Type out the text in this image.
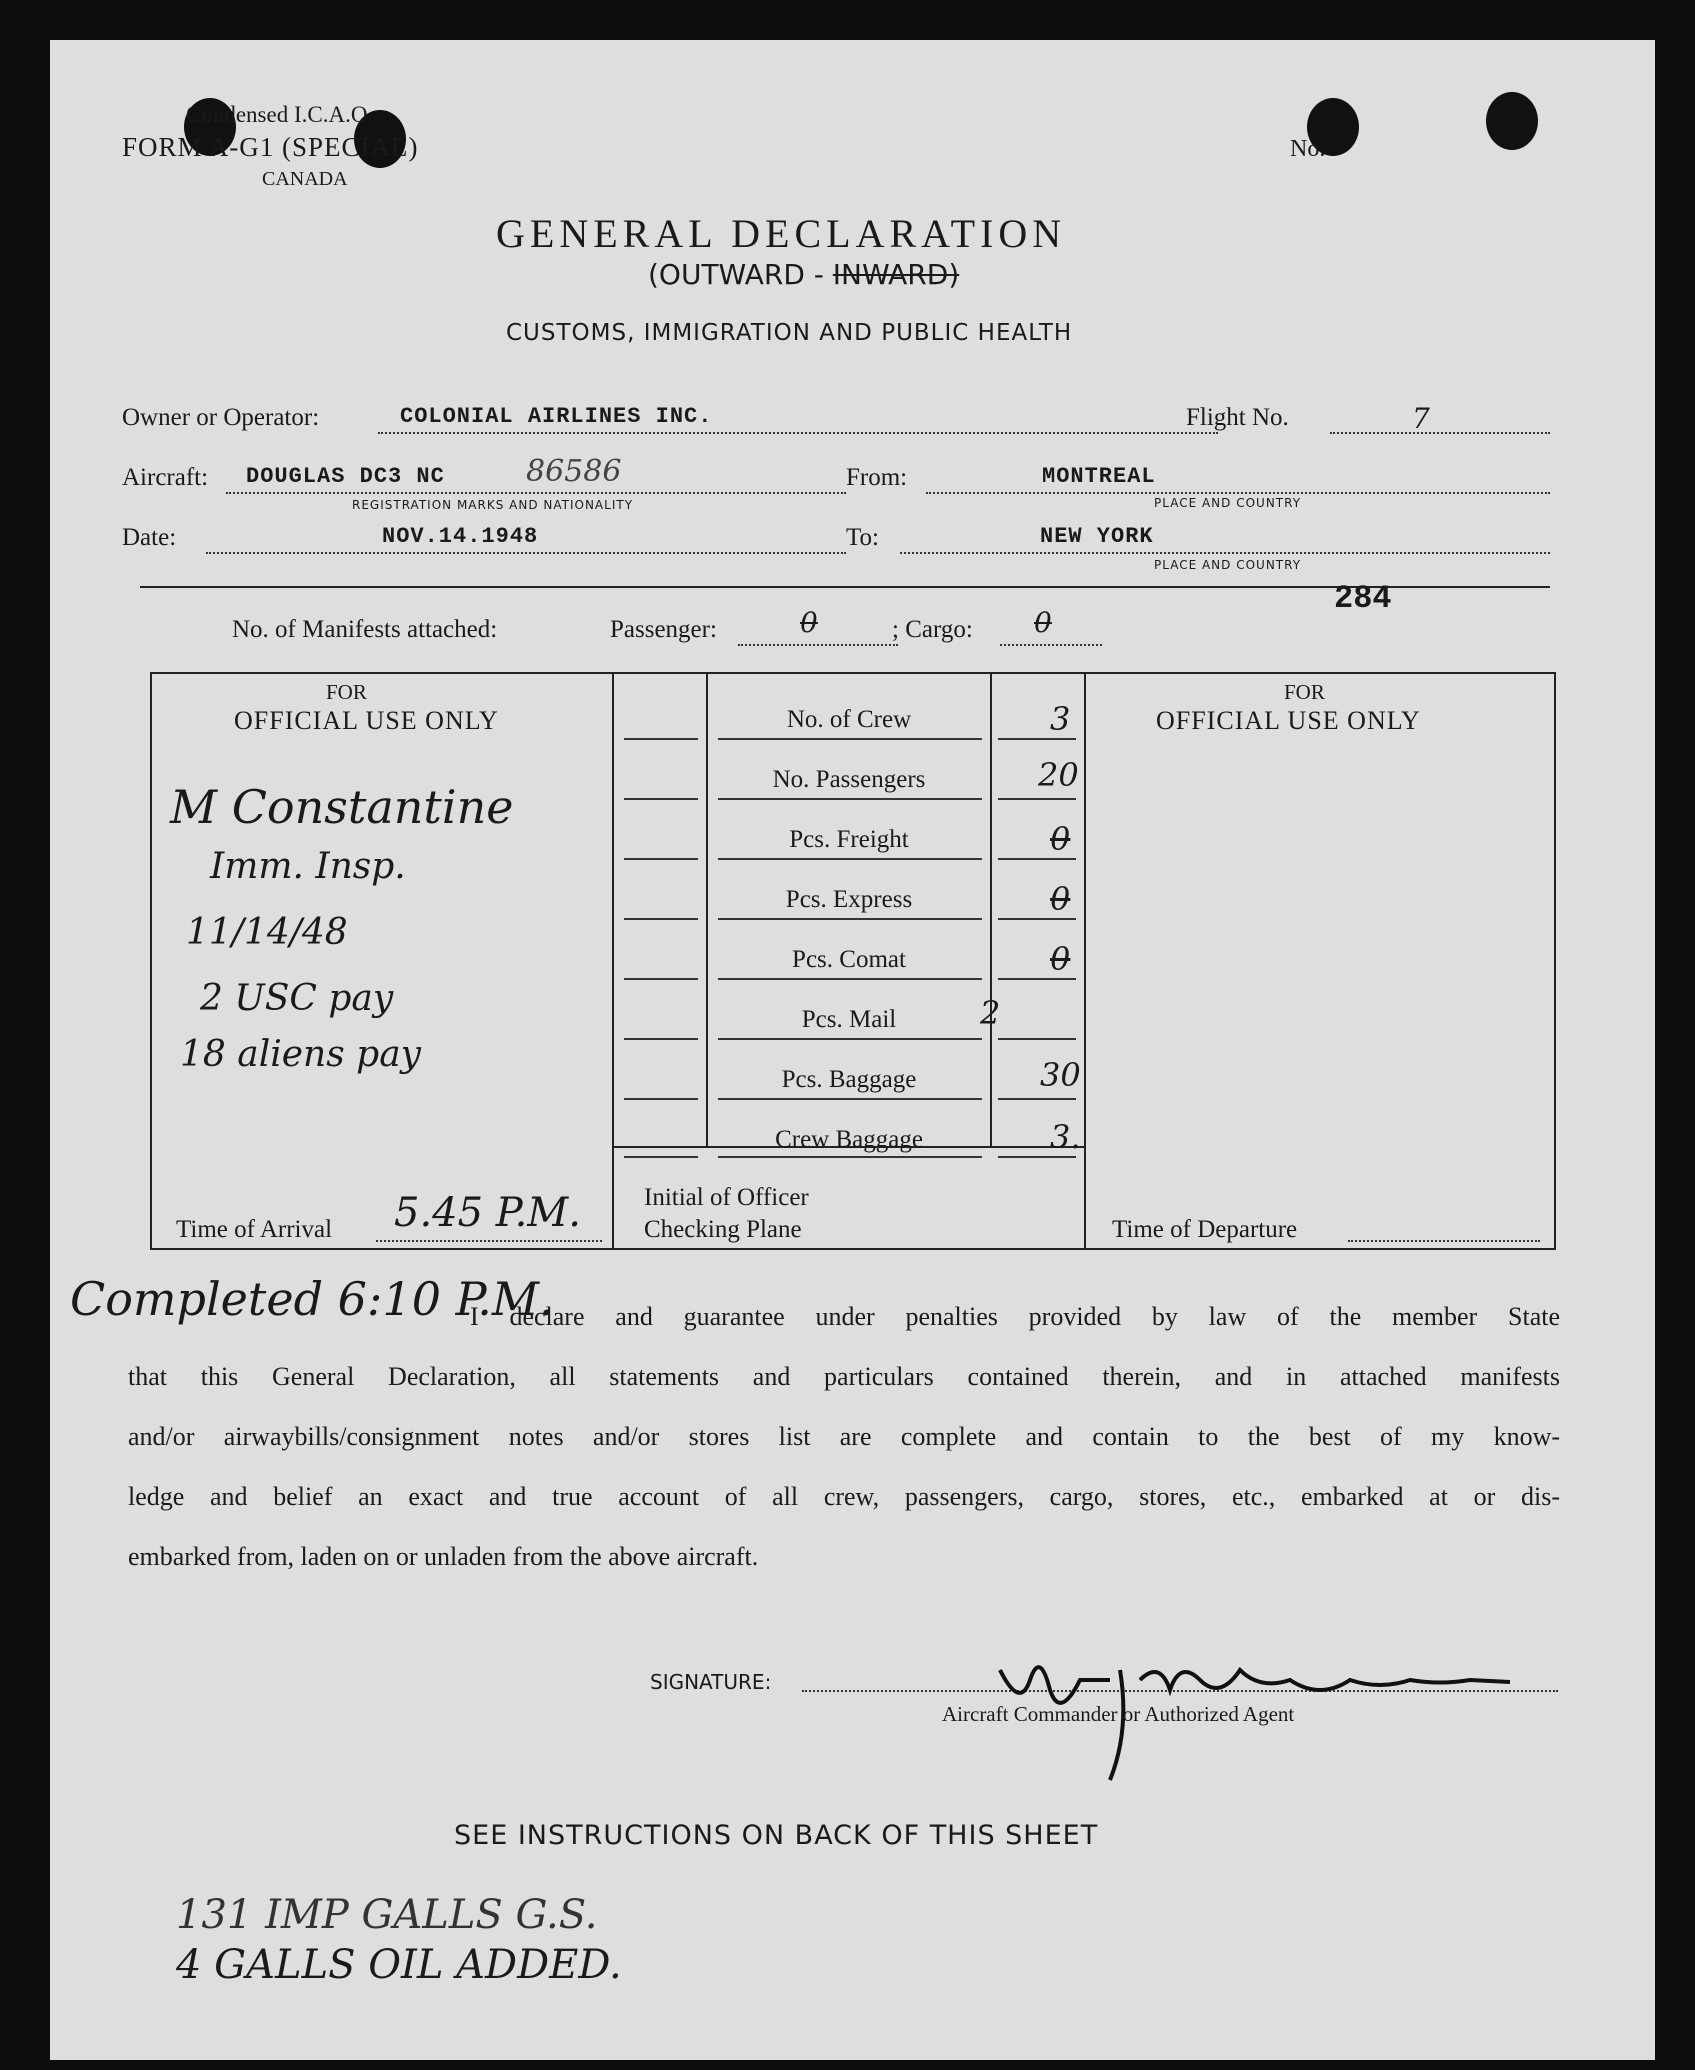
Condensed I.C.A.O.
FORM A-G1 (SPECIAL)
CANADA
No.
GENERAL DECLARATION
(OUTWARD - INWARD)
CUSTOMS, IMMIGRATION AND PUBLIC HEALTH
Owner or Operator:	COLONIAL AIRLINES INC.	Flight No.	7
Aircraft: DOUGLAS DC3 NC	86586
REGISTRATION MARKS AND NATIONALITY
From:	MONTREAL
PLACE AND COUNTRY
Date:	NOV.14.1948	To:	NEW YORK
PLACE AND COUNTRY
284
No. of Manifests attached:	Passenger:	0	; Cargo: 0
FOR
OFFICIAL USE ONLY
M Constantine
Imm. Insp.
11/14/48
2 USC pay
18 aliens pay
No. of Crew	3
No. Passengers	20
Pcs. Freight	0
Pcs. Express	0
Pcs. Comat	0
Pcs. Mail	2
Pcs. Baggage	30
Crew Baggage	3.
FOR
OFFICIAL USE ONLY
Time of Arrival 5.45 P.M.	Initial of Officer
Checking Plane	Time of Departure
Completed 6:10 P.M.
I declare and guarantee under penalties provided by law of the member State
that this General Declaration, all statements and particulars contained therein, and in attached manifests
and/or airwaybills/consignment notes and/or stores list are complete and contain to the best of my know-
ledge and belief an exact and true account of all crew, passengers, cargo, stores, etc., embarked at or dis-
embarked from, laden on or unladen from the above aircraft.
SIGNATURE:
Aircraft Commander or Authorized Agent
SEE INSTRUCTIONS ON BACK OF THIS SHEET
131 IMP GALLS G.S.
4 GALLS OIL ADDED.
